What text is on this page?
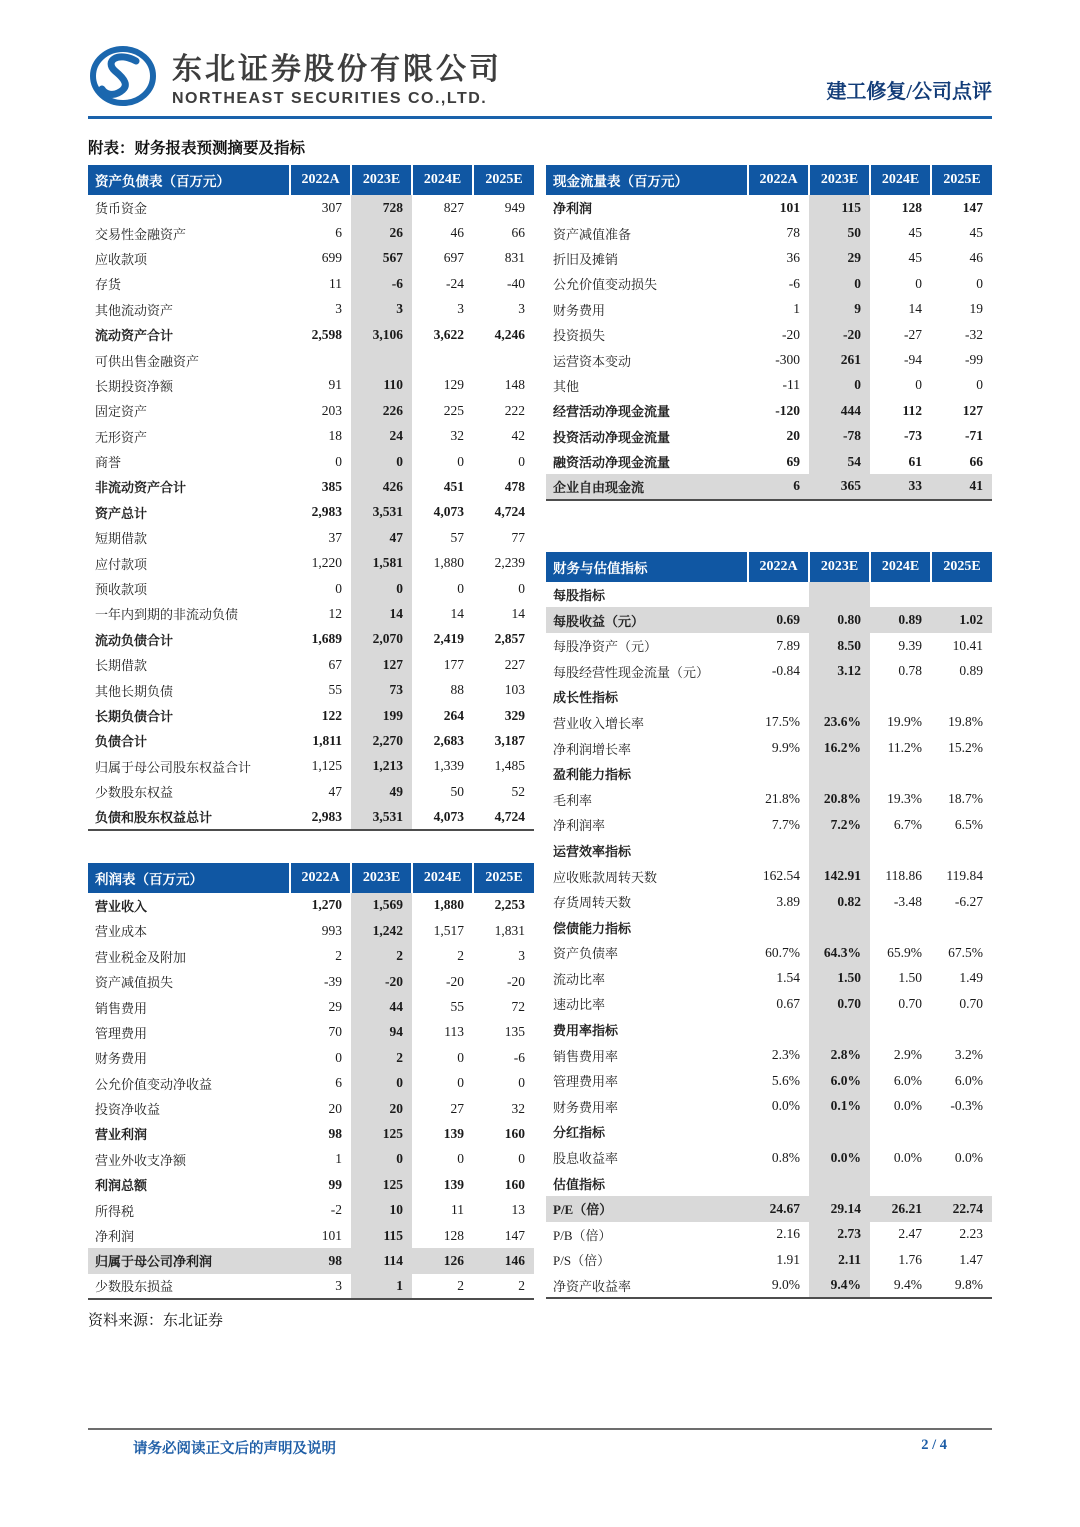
东北证券股份有限公司
NORTHEAST SECURITIES CO.,LTD.	建工修复/公司点评
附表：财务报表预测摘要及指标
资产负债表（百万元）	2022A	2023E	2024E	2025E
货币资金	307	728	827	949
交易性金融资产	6	26	46	66
应收款项	699	567	697	831
存货	11	-6	-24	-40
其他流动资产	3	3	3	3
流动资产合计	2,598	3,106	3,622	4,246
可供出售金融资产				
长期投资净额	91	110	129	148
固定资产	203	226	225	222
无形资产	18	24	32	42
商誉	0	0	0	0
非流动资产合计	385	426	451	478
资产总计	2,983	3,531	4,073	4,724
短期借款	37	47	57	77
应付款项	1,220	1,581	1,880	2,239
预收款项	0	0	0	0
一年内到期的非流动负债	12	14	14	14
流动负债合计	1,689	2,070	2,419	2,857
长期借款	67	127	177	227
其他长期负债	55	73	88	103
长期负债合计	122	199	264	329
负债合计	1,811	2,270	2,683	3,187
归属于母公司股东权益合计	1,125	1,213	1,339	1,485
少数股东权益	47	49	50	52
负债和股东权益总计	2,983	3,531	4,073	4,724
利润表（百万元）	2022A	2023E	2024E	2025E
营业收入	1,270	1,569	1,880	2,253
营业成本	993	1,242	1,517	1,831
营业税金及附加	2	2	2	3
资产减值损失	-39	-20	-20	-20
销售费用	29	44	55	72
管理费用	70	94	113	135
财务费用	0	2	0	-6
公允价值变动净收益	6	0	0	0
投资净收益	20	20	27	32
营业利润	98	125	139	160
营业外收支净额	1	0	0	0
利润总额	99	125	139	160
所得税	-2	10	11	13
净利润	101	115	128	147
归属于母公司净利润	98	114	126	146
少数股东损益	3	1	2	2
资料来源：东北证券
现金流量表（百万元）	2022A	2023E	2024E	2025E
净利润	101	115	128	147
资产减值准备	78	50	45	45
折旧及摊销	36	29	45	46
公允价值变动损失	-6	0	0	0
财务费用	1	9	14	19
投资损失	-20	-20	-27	-32
运营资本变动	-300	261	-94	-99
其他	-11	0	0	0
经营活动净现金流量	-120	444	112	127
投资活动净现金流量	20	-78	-73	-71
融资活动净现金流量	69	54	61	66
企业自由现金流	6	365	33	41
财务与估值指标	2022A	2023E	2024E	2025E
每股指标				
每股收益（元）	0.69	0.80	0.89	1.02
每股净资产（元）	7.89	8.50	9.39	10.41
每股经营性现金流量（元）	-0.84	3.12	0.78	0.89
成长性指标				
营业收入增长率	17.5%	23.6%	19.9%	19.8%
净利润增长率	9.9%	16.2%	11.2%	15.2%
盈利能力指标				
毛利率	21.8%	20.8%	19.3%	18.7%
净利润率	7.7%	7.2%	6.7%	6.5%
运营效率指标				
应收账款周转天数	162.54	142.91	118.86	119.84
存货周转天数	3.89	0.82	-3.48	-6.27
偿债能力指标				
资产负债率	60.7%	64.3%	65.9%	67.5%
流动比率	1.54	1.50	1.50	1.49
速动比率	0.67	0.70	0.70	0.70
费用率指标				
销售费用率	2.3%	2.8%	2.9%	3.2%
管理费用率	5.6%	6.0%	6.0%	6.0%
财务费用率	0.0%	0.1%	0.0%	-0.3%
分红指标				
股息收益率	0.8%	0.0%	0.0%	0.0%
估值指标				
P/E（倍）	24.67	29.14	26.21	22.74
P/B（倍）	2.16	2.73	2.47	2.23
P/S（倍）	1.91	2.11	1.76	1.47
净资产收益率	9.0%	9.4%	9.4%	9.8%
请务必阅读正文后的声明及说明	2 / 4
